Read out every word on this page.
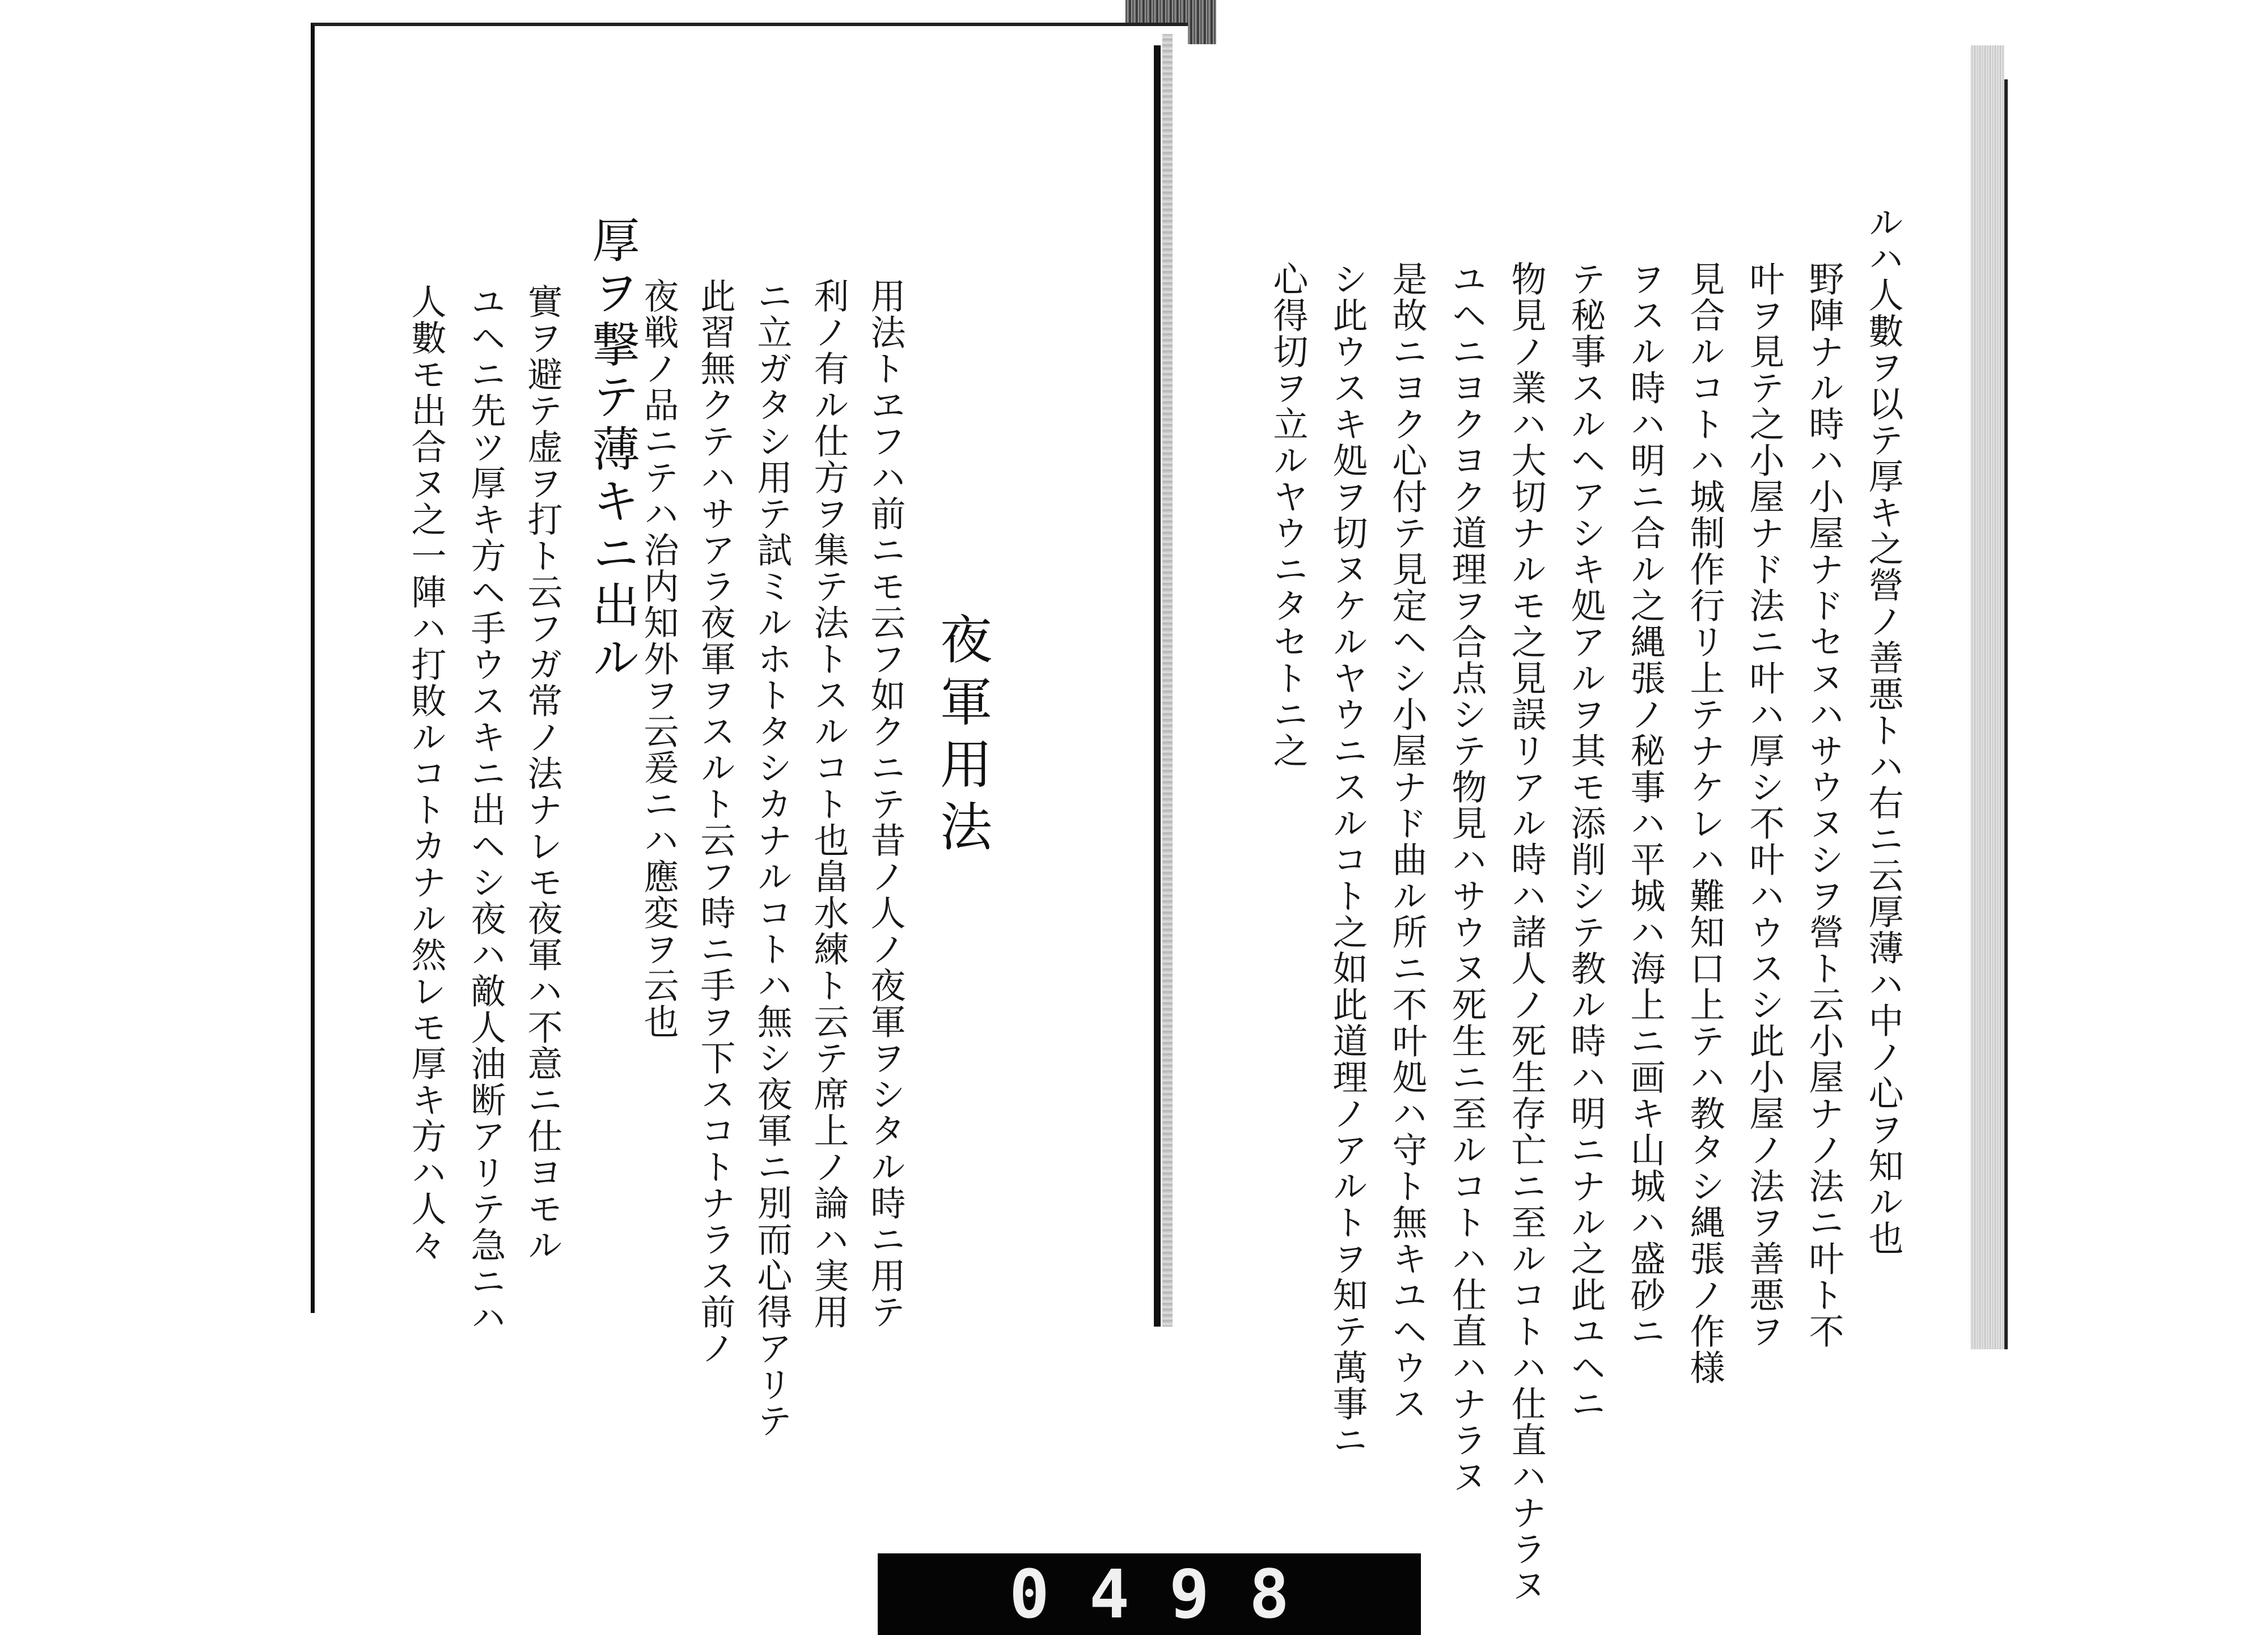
夜軍用法
用法トヱフハ前ニモ云フ如クニテ昔ノ人ノ夜軍ヲシタル時ニ用テ
利ノ有ル仕方ヲ集テ法トスルコト也畠水練ト云テ席上ノ論ハ実用
ニ立ガタシ用テ試ミルホトタシカナルコトハ無シ夜軍ニ別而心得アリテ
此習無クテハサアラ夜軍ヲスルト云フ時ニ手ヲ下スコトナラス前ノ
夜戦ノ品ニテハ治内知外ヲ云爰ニハ應変ヲ云也
厚ヲ撃テ薄キニ出ル
實ヲ避テ虚ヲ打ト云フガ常ノ法ナレモ夜軍ハ不意ニ仕ヨモル
ユヘニ先ツ厚キ方ヘ手ウスキニ出ヘシ夜ハ敵人油断アリテ急ニハ
人數モ出合ヌ之一陣ハ打敗ルコトカナル然レモ厚キ方ハ人々	ルハ人數ヲ以テ厚キ之營ノ善悪トハ右ニ云厚薄ハ中ノ心ヲ知ル也
野陣ナル時ハ小屋ナドセヌハサウヌシヲ營ト云小屋ナノ法ニ叶ト不
叶ヲ見テ之小屋ナド法ニ叶ハ厚シ不叶ハウスシ此小屋ノ法ヲ善悪ヲ
見合ルコトハ城制作行リ上テナケレハ難知口上テハ教タシ縄張ノ作様
ヲスル時ハ明ニ合ル之縄張ノ秘事ハ平城ハ海上ニ画キ山城ハ盛砂ニ
テ秘事スルヘアシキ処アルヲ其モ添削シテ教ル時ハ明ニナル之此ユヘニ
物見ノ業ハ大切ナルモ之見誤リアル時ハ諸人ノ死生存亡ニ至ルコトハ仕直ハナラヌ
ユヘニヨクヨク道理ヲ合点シテ物見ハサウヌ死生ニ至ルコトハ仕直ハナラヌ
是故ニヨク心付テ見定ヘシ小屋ナド曲ル所ニ不叶処ハ守ト無キユヘウス
シ此ウスキ処ヲ切ヌケルヤウニスルコト之如此道理ノアルトヲ知テ萬事ニ
心得切ヲ立ルヤウニタセトニ之
0498
